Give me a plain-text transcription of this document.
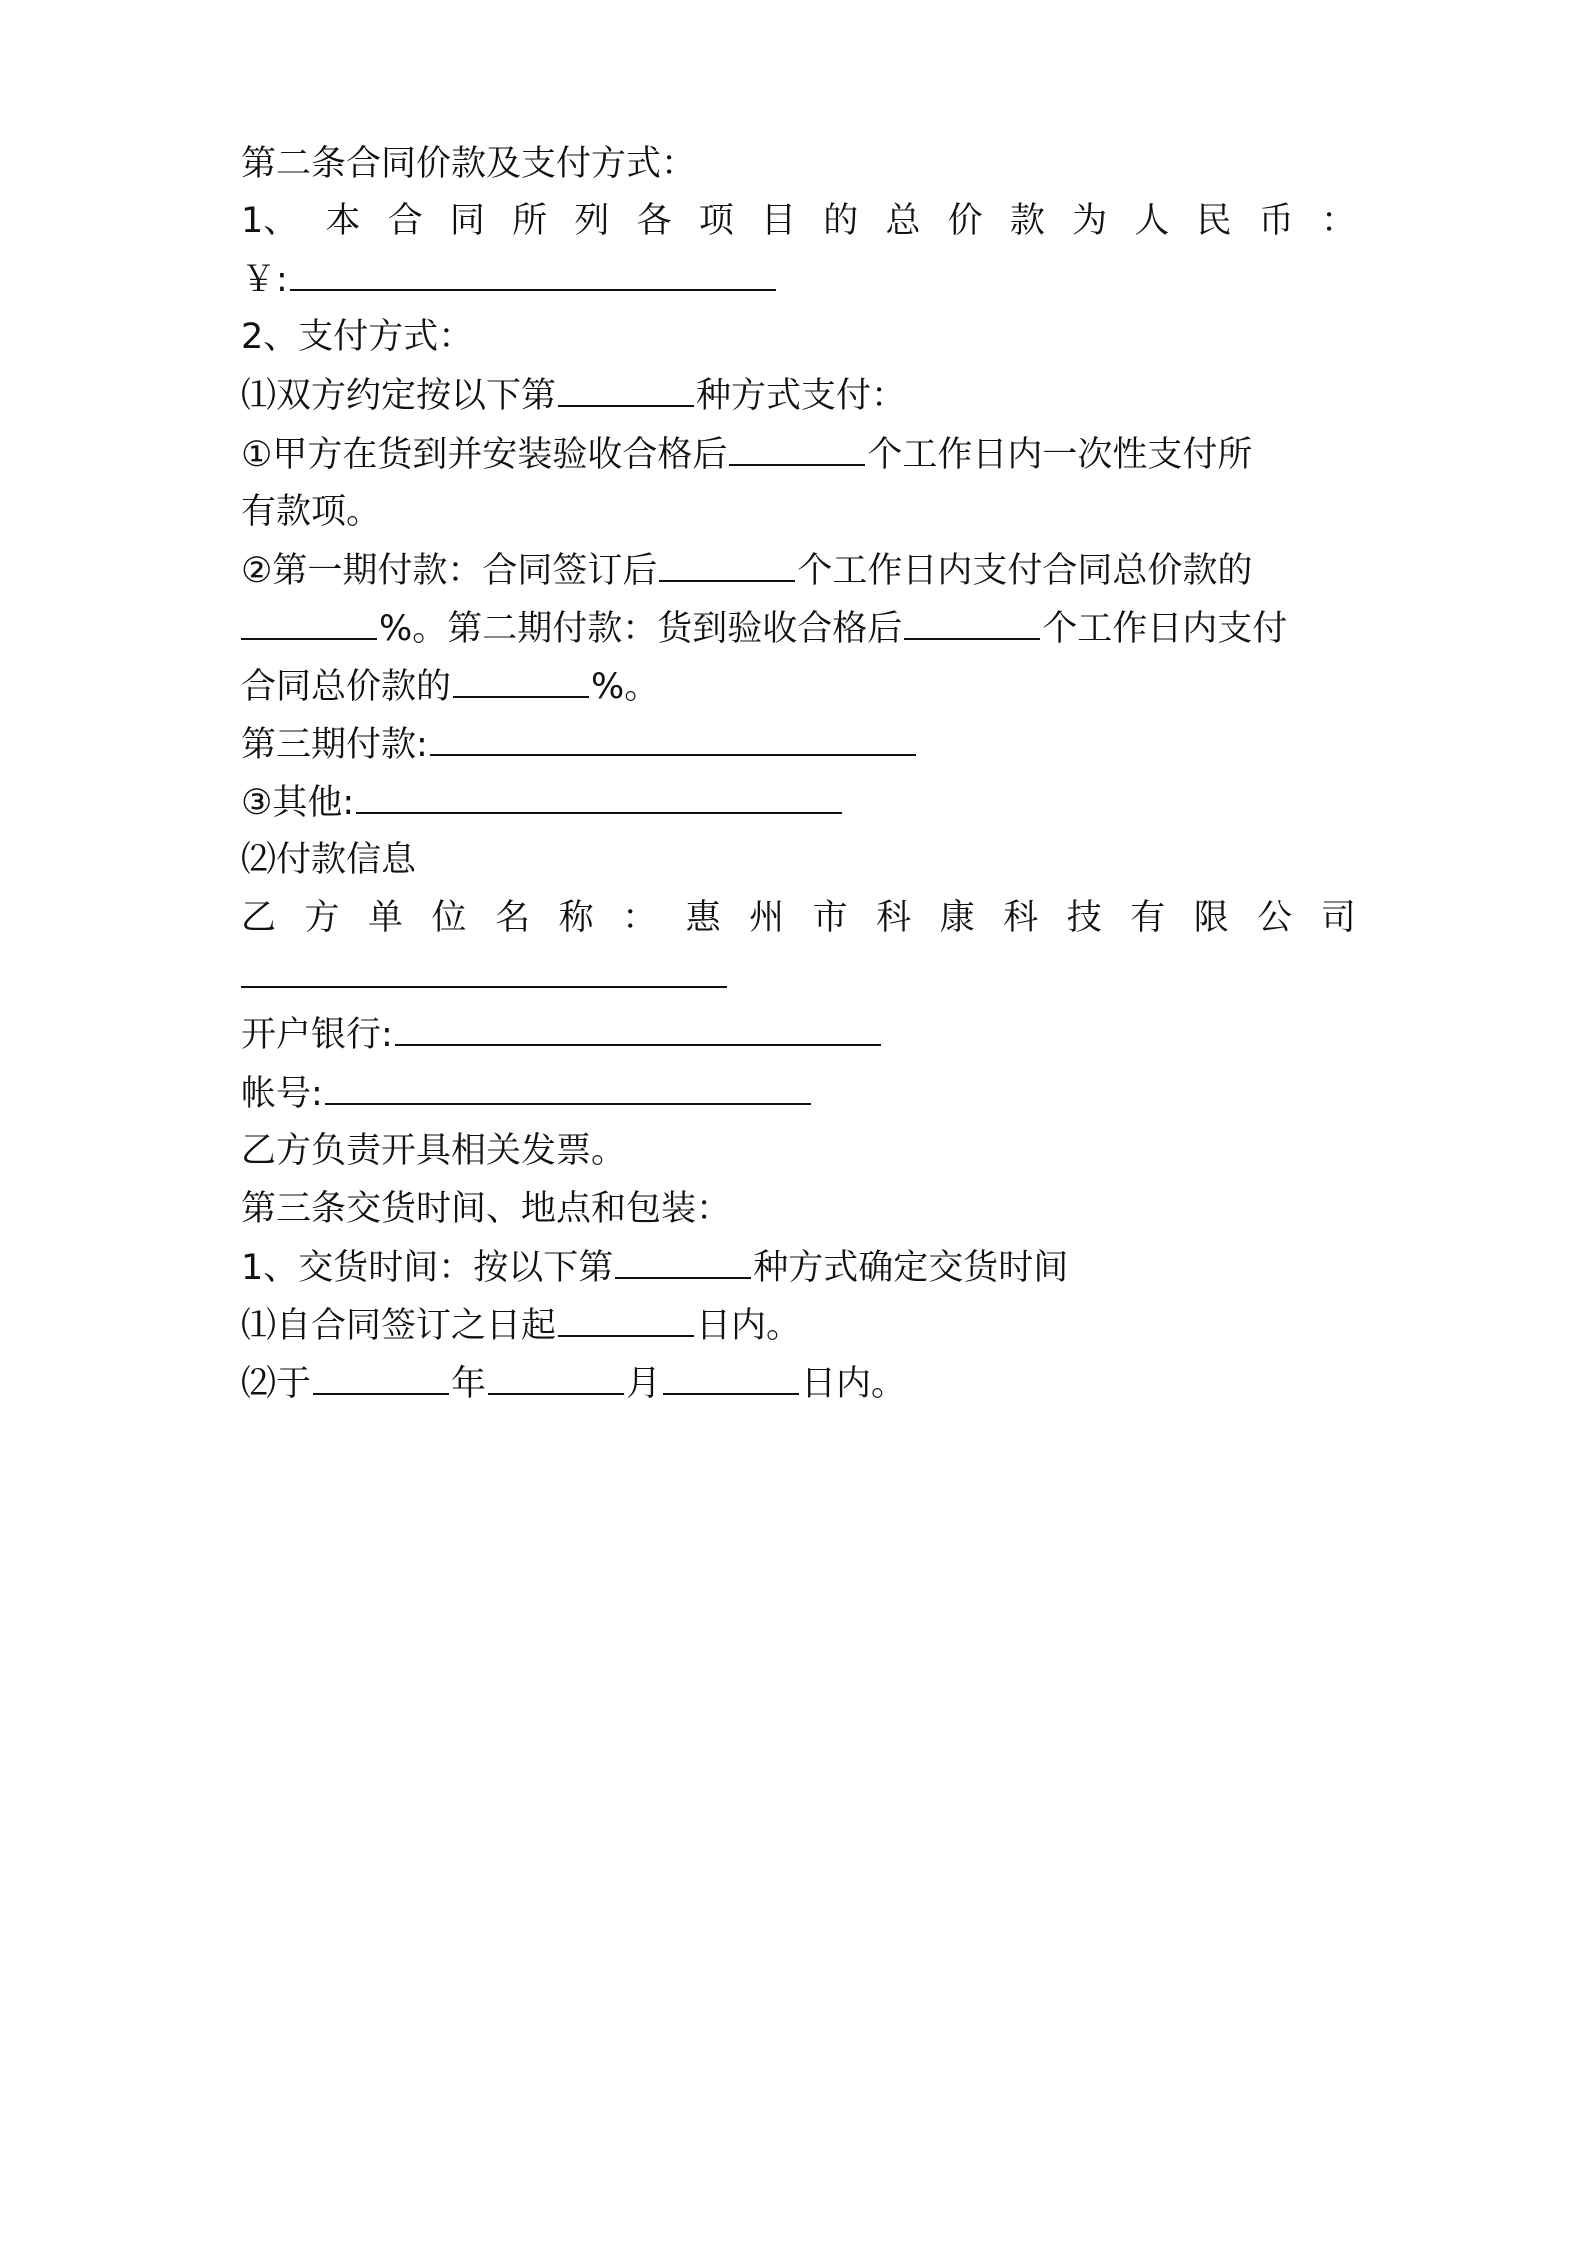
第二条合同价款及支付方式：
1、 本 合 同 所 列 各 项 目 的 总 价 款 为 人 民 币 ：
￥:
2、支付方式：
⑴双方约定按以下第	种方式支付：
①甲方在货到并安装验收合格后	个工作日内一次性支付所
有款项。
②第一期付款：合同签订后	个工作日内支付合同总价款的
%。第二期付款：货到验收合格后	个工作日内支付
合同总价款的	%。
第三期付款:
③其他:
⑵付款信息
乙 方 单 位 名 称 ： 惠 州 市 科 康 科 技 有 限 公 司
开户银行:
帐号:
乙方负责开具相关发票。
第三条交货时间、地点和包装：
1、交货时间：按以下第	种方式确定交货时间
⑴自合同签订之日起	日内。
⑵于	年	月	日内。
